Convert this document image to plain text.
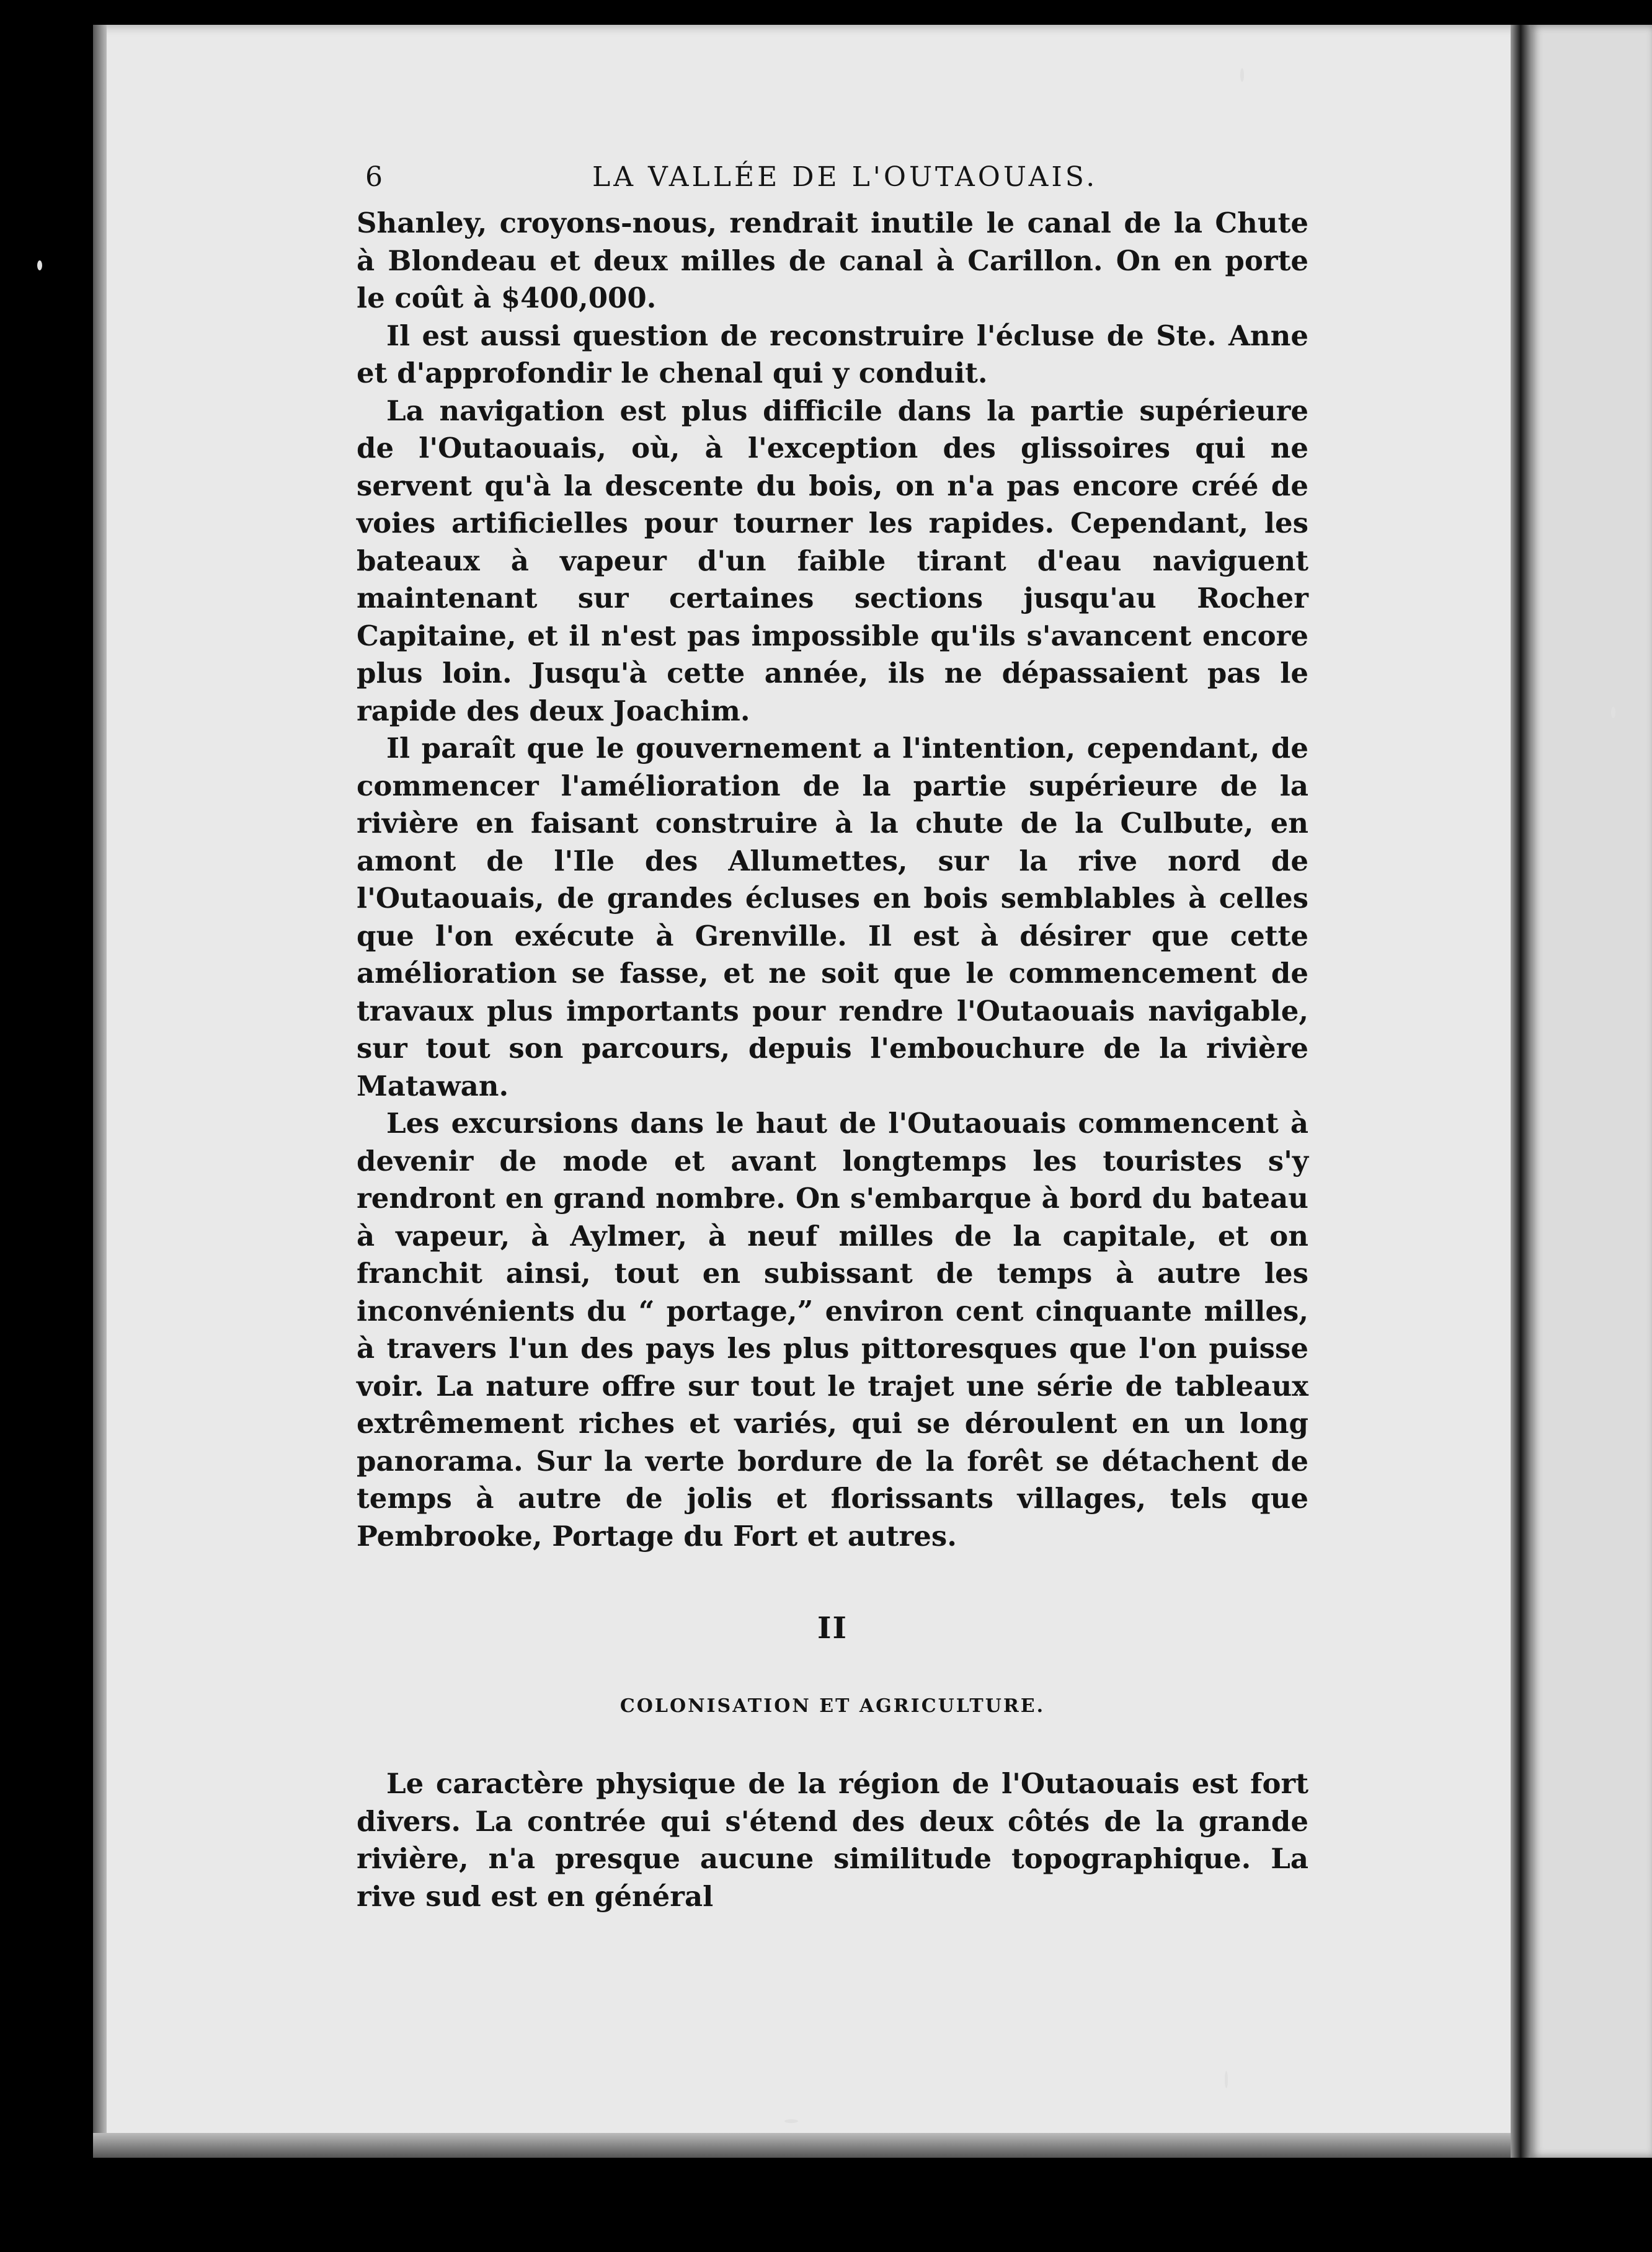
6	LA VALLÉE DE L'OUTAOUAIS.

Shanley, croyons-nous, rendrait inutile le canal de la Chute à Blondeau et deux milles de canal à Carillon. On en porte le coût à $400,000.

Il est aussi question de reconstruire l'écluse de Ste. Anne et d'approfondir le chenal qui y conduit.

La navigation est plus difficile dans la partie supérieure de l'Outaouais, où, à l'exception des glissoires qui ne servent qu'à la descente du bois, on n'a pas encore créé de voies artificielles pour tourner les rapides. Cependant, les bateaux à vapeur d'un faible tirant d'eau naviguent maintenant sur certaines sections jusqu'au Rocher Capitaine, et il n'est pas impossible qu'ils s'avancent encore plus loin. Jusqu'à cette année, ils ne dépassaient pas le rapide des deux Joachim.

Il paraît que le gouvernement a l'intention, cependant, de commencer l'amélioration de la partie supérieure de la rivière en faisant construire à la chute de la Culbute, en amont de l'Ile des Allumettes, sur la rive nord de l'Outaouais, de grandes écluses en bois semblables à celles que l'on exécute à Grenville. Il est à désirer que cette amélioration se fasse, et ne soit que le commencement de travaux plus importants pour rendre l'Outaouais navigable, sur tout son parcours, depuis l'embouchure de la rivière Matawan.

Les excursions dans le haut de l'Outaouais commencent à devenir de mode et avant longtemps les touristes s'y rendront en grand nombre. On s'embarque à bord du bateau à vapeur, à Aylmer, à neuf milles de la capitale, et on franchit ainsi, tout en subissant de temps à autre les inconvénients du “ portage,” environ cent cinquante milles, à travers l'un des pays les plus pittoresques que l'on puisse voir. La nature offre sur tout le trajet une série de tableaux extrêmement riches et variés, qui se déroulent en un long panorama. Sur la verte bordure de la forêt se détachent de temps à autre de jolis et florissants villages, tels que Pembrooke, Portage du Fort et autres.

II
COLONISATION ET AGRICULTURE.

Le caractère physique de la région de l'Outaouais est fort divers. La contrée qui s'étend des deux côtés de la grande rivière, n'a presque aucune similitude topographique. La rive sud est en général
